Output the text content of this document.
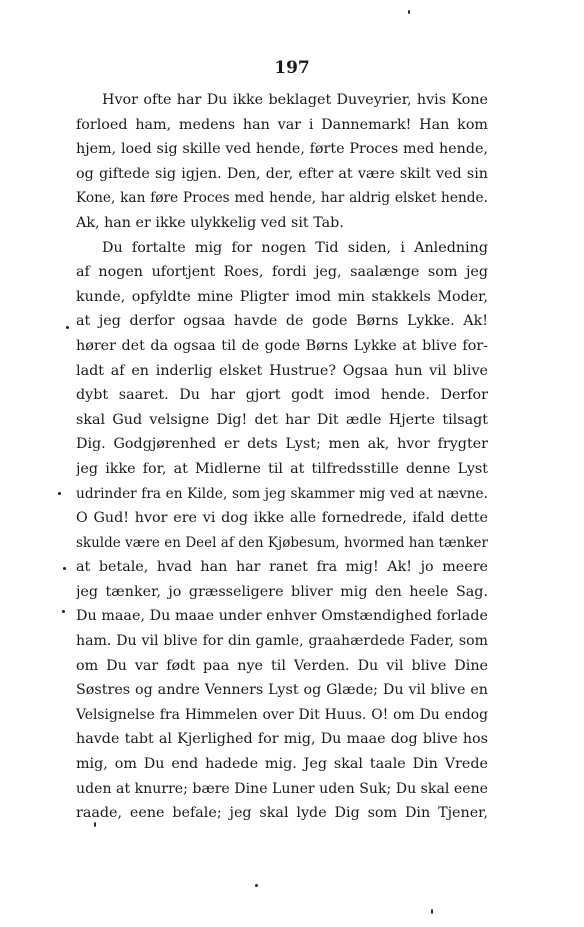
197
Hvor ofte har Du ikke beklaget Duveyrier, hvis Kone
forloed ham, medens han var i Dannemark! Han kom
hjem, loed sig skille ved hende, førte Proces med hende,
og giftede sig igjen. Den, der, efter at være skilt ved sin
Kone, kan føre Proces med hende, har aldrig elsket hende.
Ak, han er ikke ulykkelig ved sit Tab.
Du fortalte mig for nogen Tid siden, i Anledning
af nogen ufortjent Roes, fordi jeg, saalænge som jeg
kunde, opfyldte mine Pligter imod min stakkels Moder,
at jeg derfor ogsaa havde de gode Børns Lykke. Ak!
hører det da ogsaa til de gode Børns Lykke at blive for-
ladt af en inderlig elsket Hustrue? Ogsaa hun vil blive
dybt saaret. Du har gjort godt imod hende. Derfor
skal Gud velsigne Dig! det har Dit ædle Hjerte tilsagt
Dig. Godgjørenhed er dets Lyst; men ak, hvor frygter
jeg ikke for, at Midlerne til at tilfredsstille denne Lyst
udrinder fra en Kilde, som jeg skammer mig ved at nævne.
O Gud! hvor ere vi dog ikke alle fornedrede, ifald dette
skulde være en Deel af den Kjøbesum, hvormed han tænker
at betale, hvad han har ranet fra mig! Ak! jo meere
jeg tænker, jo græsseligere bliver mig den heele Sag.
Du maae, Du maae under enhver Omstændighed forlade
ham. Du vil blive for din gamle, graahærdede Fader, som
om Du var født paa nye til Verden. Du vil blive Dine
Søstres og andre Venners Lyst og Glæde; Du vil blive en
Velsignelse fra Himmelen over Dit Huus. O! om Du endog
havde tabt al Kjerlighed for mig, Du maae dog blive hos
mig, om Du end hadede mig. Jeg skal taale Din Vrede
uden at knurre; bære Dine Luner uden Suk; Du skal eene
raade, eene befale; jeg skal lyde Dig som Din Tjener,
